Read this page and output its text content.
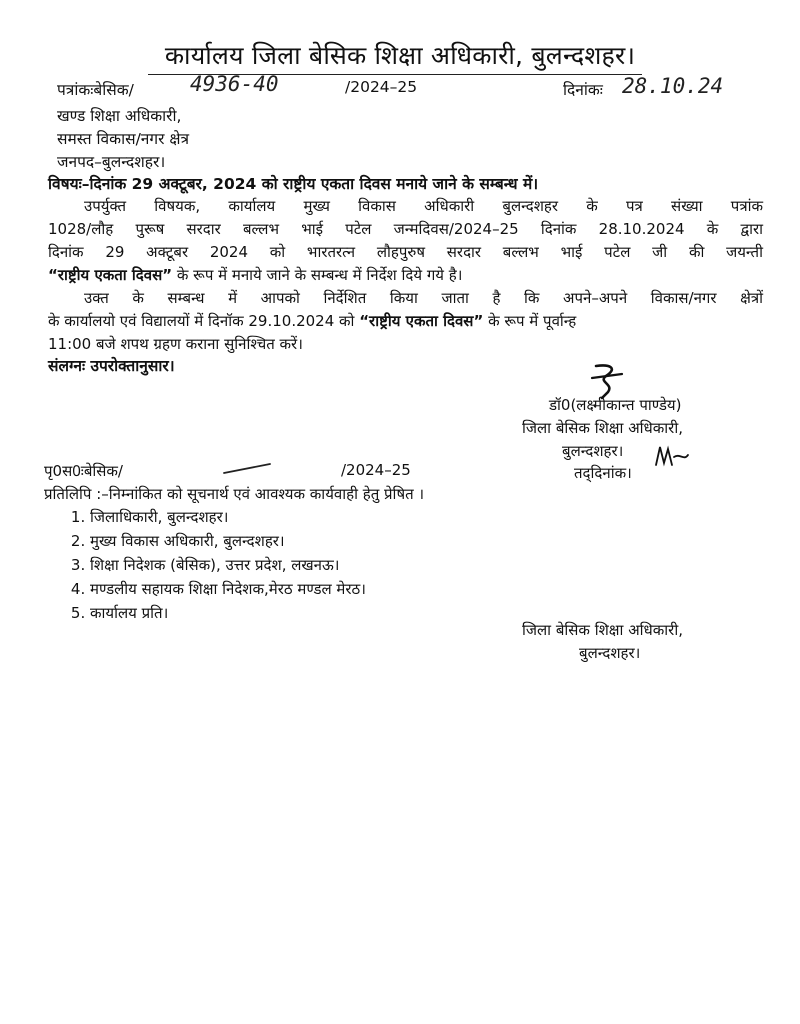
कार्यालय जिला बेसिक शिक्षा अधिकारी, बुलन्दशहर।
पत्रांकःबेसिक/	4936-40	/2024–25	दिनांकः 28.10.24
खण्ड शिक्षा अधिकारी,
समस्त विकास/नगर क्षेत्र
जनपद–बुलन्दशहर।
विषयः–दिनांक 29 अक्टूबर, 2024 को राष्ट्रीय एकता दिवस मनाये जाने के सम्बन्ध में।
उपर्युक्त विषयक, कार्यालय मुख्य विकास अधिकारी बुलन्दशहर के पत्र संख्या पत्रांक
1028/लौह पुरूष सरदार बल्लभ भाई पटेल जन्मदिवस/2024–25 दिनांक 28.10.2024 के द्वारा
दिनांक 29 अक्टूबर 2024 को भारतरत्न लौहपुरुष सरदार बल्लभ भाई पटेल जी की जयन्ती
“राष्ट्रीय एकता दिवस” के रूप में मनाये जाने के सम्बन्ध में निर्देश दिये गये है।
उक्त के सम्बन्ध में आपको निर्देशित किया जाता है कि अपने–अपने विकास/नगर क्षेत्रों
के कार्यालयो एवं विद्यालयों में दिनॉक 29.10.2024 को “राष्ट्रीय एकता दिवस” के रूप में पूर्वान्ह
11:00 बजे शपथ ग्रहण कराना सुनिश्चित करें।
संलग्नः उपरोक्तानुसार।
डॉ0(लक्ष्मीकान्त पाण्डेय)
जिला बेसिक शिक्षा अधिकारी,
बुलन्दशहर।
तद्‌दिनांक।
पृ0स0ःबेसिक/	/2024–25
प्रतिलिपि :–निम्नांकित को सूचनार्थ एवं आवश्यक कार्यवाही हेतु प्रेषित ।
1. जिलाधिकारी, बुलन्दशहर।
2. मुख्य विकास अधिकारी, बुलन्दशहर।
3. शिक्षा निदेशक (बेसिक), उत्तर प्रदेश, लखनऊ।
4. मण्डलीय सहायक शिक्षा निदेशक,मेरठ मण्डल मेरठ।
5. कार्यालय प्रति।
जिला बेसिक शिक्षा अधिकारी,
बुलन्दशहर।
